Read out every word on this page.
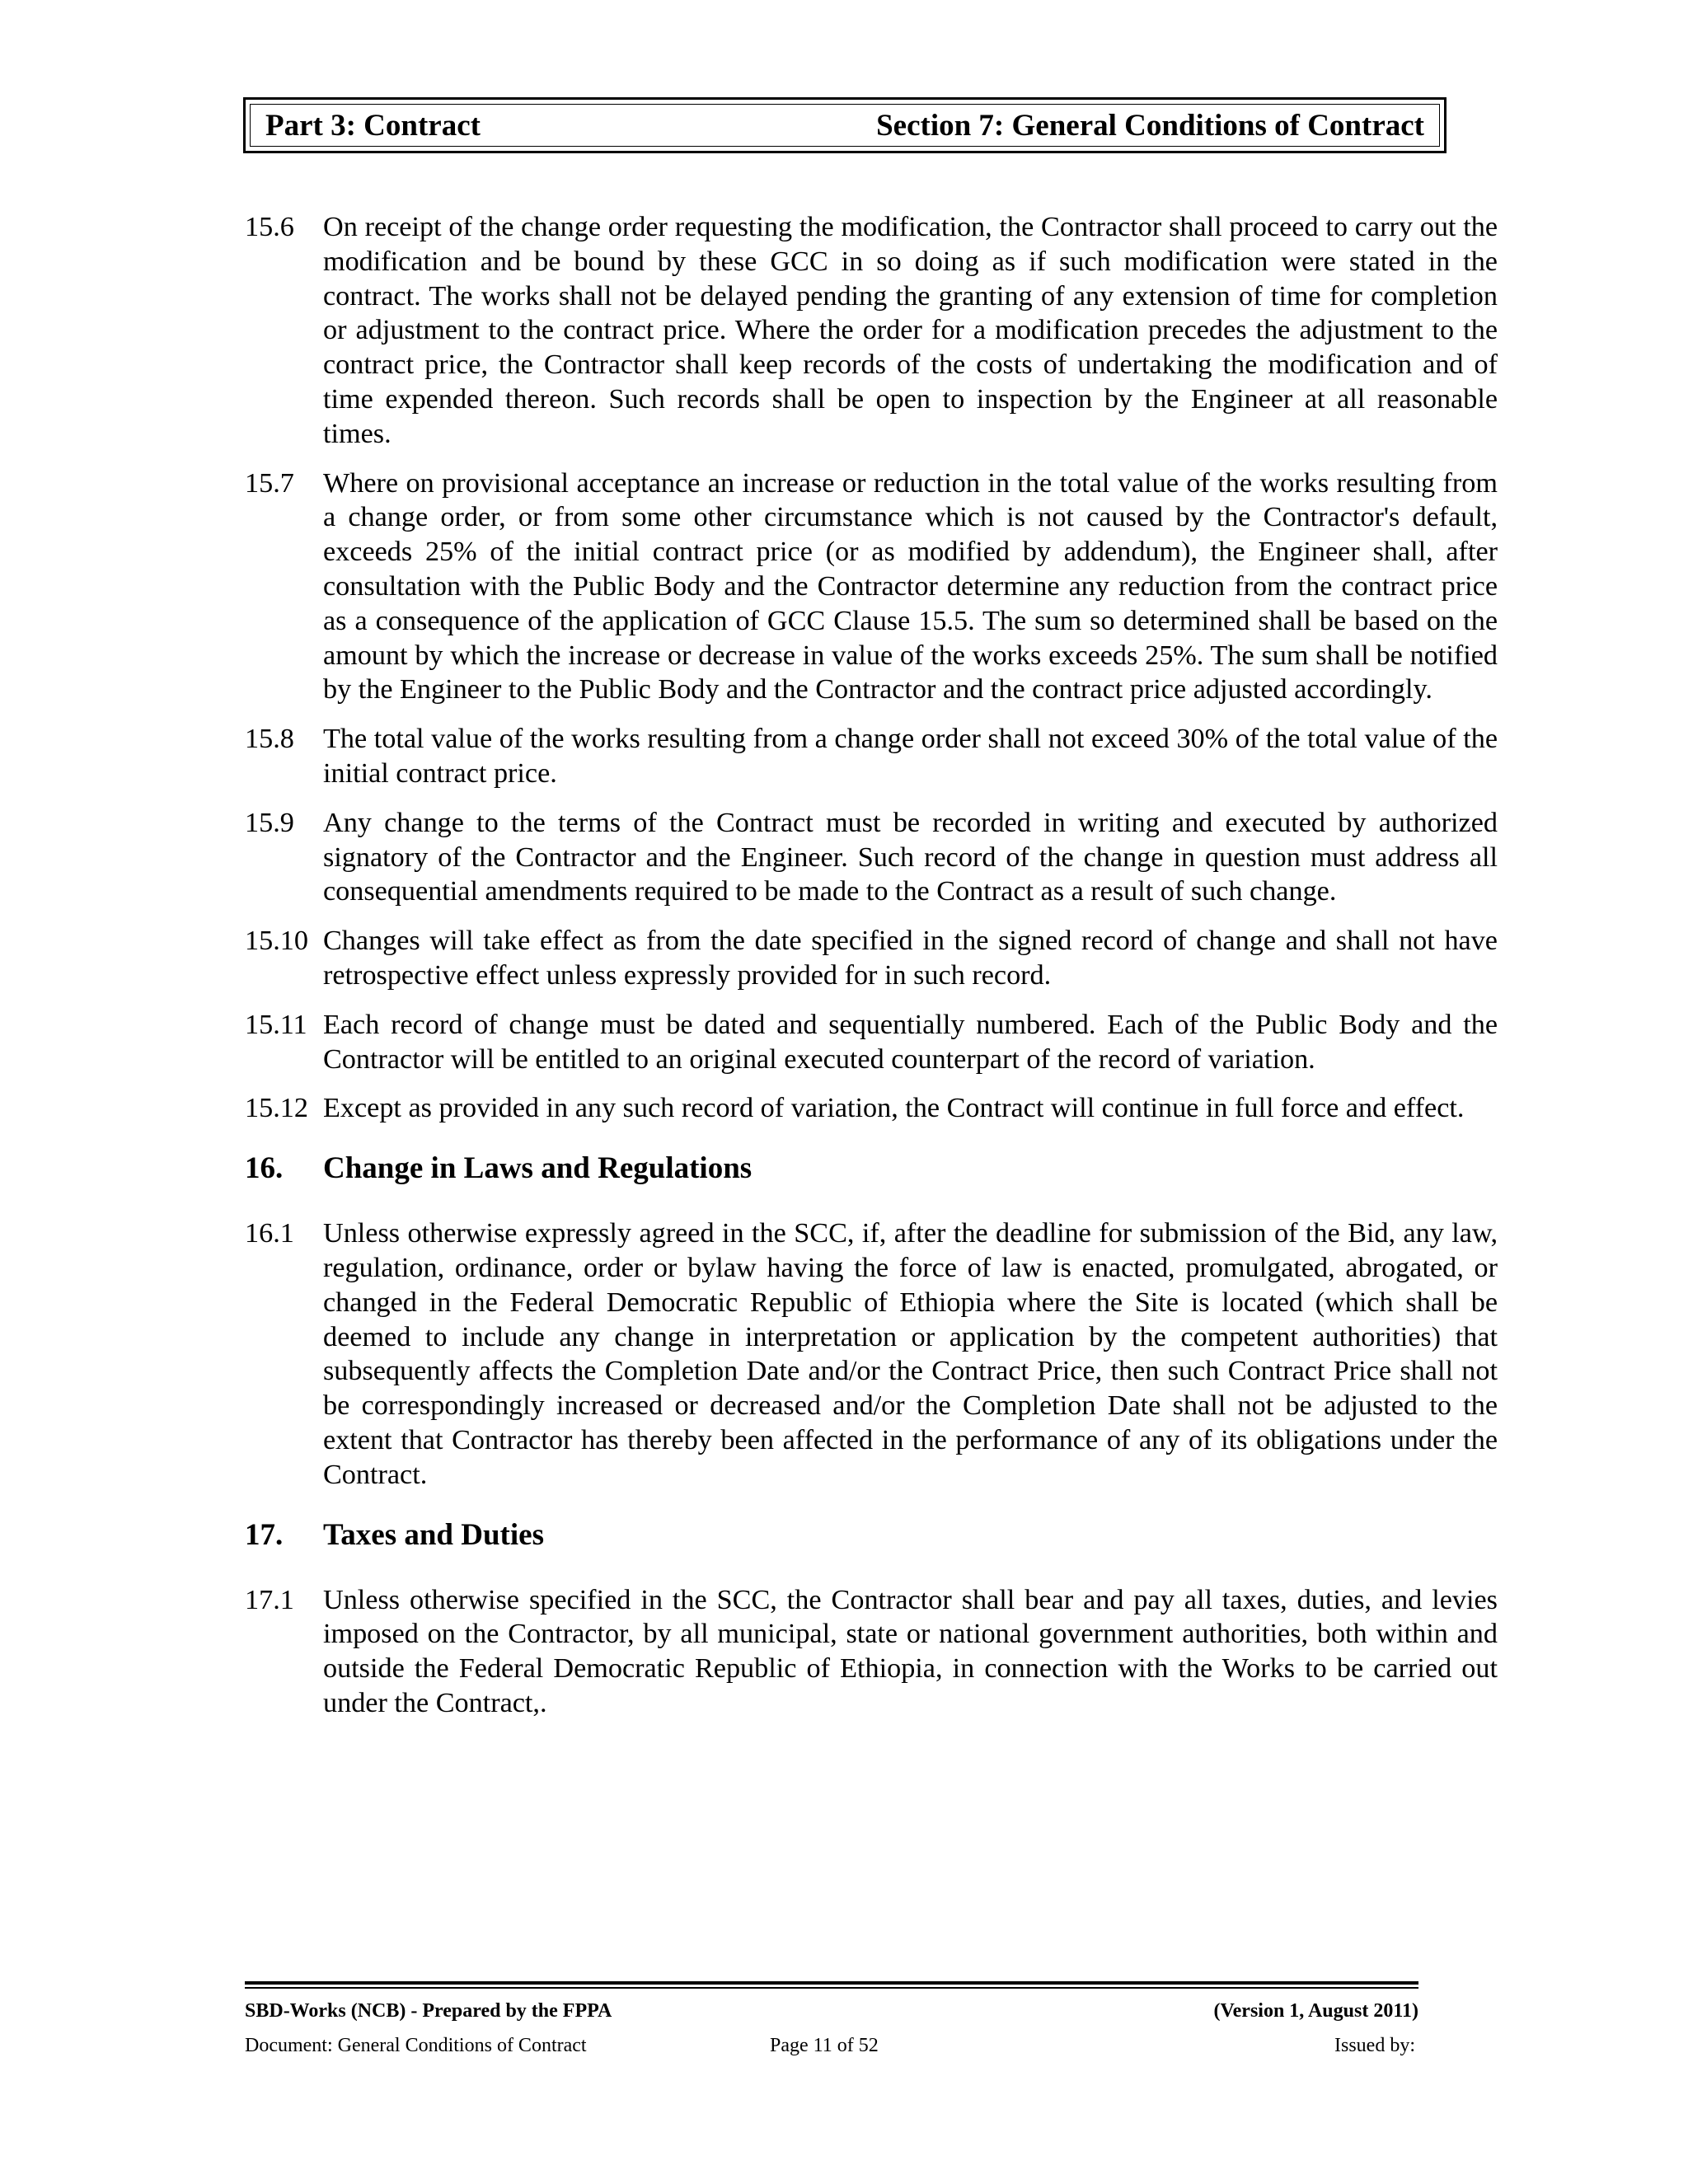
Part 3: Contract	Section 7: General Conditions of Contract
15.6 On receipt of the change order requesting the modification, the Contractor shall proceed to carry out the modification and be bound by these GCC in so doing as if such modification were stated in the contract. The works shall not be delayed pending the granting of any extension of time for completion or adjustment to the contract price. Where the order for a modification precedes the adjustment to the contract price, the Contractor shall keep records of the costs of undertaking the modification and of time expended thereon. Such records shall be open to inspection by the Engineer at all reasonable times.
15.7 Where on provisional acceptance an increase or reduction in the total value of the works resulting from a change order, or from some other circumstance which is not caused by the Contractor's default, exceeds 25% of the initial contract price (or as modified by addendum), the Engineer shall, after consultation with the Public Body and the Contractor determine any reduction from the contract price as a consequence of the application of GCC Clause 15.5. The sum so determined shall be based on the amount by which the increase or decrease in value of the works exceeds 25%. The sum shall be notified by the Engineer to the Public Body and the Contractor and the contract price adjusted accordingly.
15.8 The total value of the works resulting from a change order shall not exceed 30% of the total value of the initial contract price.
15.9 Any change to the terms of the Contract must be recorded in writing and executed by authorized signatory of the Contractor and the Engineer. Such record of the change in question must address all consequential amendments required to be made to the Contract as a result of such change.
15.10 Changes will take effect as from the date specified in the signed record of change and shall not have retrospective effect unless expressly provided for in such record.
15.11 Each record of change must be dated and sequentially numbered. Each of the Public Body and the Contractor will be entitled to an original executed counterpart of the record of variation.
15.12 Except as provided in any such record of variation, the Contract will continue in full force and effect.
16. Change in Laws and Regulations
16.1 Unless otherwise expressly agreed in the SCC, if, after the deadline for submission of the Bid, any law, regulation, ordinance, order or bylaw having the force of law is enacted, promulgated, abrogated, or changed in the Federal Democratic Republic of Ethiopia where the Site is located (which shall be deemed to include any change in interpretation or application by the competent authorities) that subsequently affects the Completion Date and/or the Contract Price, then such Contract Price shall not be correspondingly increased or decreased and/or the Completion Date shall not be adjusted to the extent that Contractor has thereby been affected in the performance of any of its obligations under the Contract.
17. Taxes and Duties
17.1 Unless otherwise specified in the SCC, the Contractor shall bear and pay all taxes, duties, and levies imposed on the Contractor, by all municipal, state or national government authorities, both within and outside the Federal Democratic Republic of Ethiopia, in connection with the Works to be carried out under the Contract,.
SBD-Works (NCB) - Prepared by the FPPA	(Version 1, August 2011)
Document: General Conditions of Contract	Page 11 of 52	Issued by:
